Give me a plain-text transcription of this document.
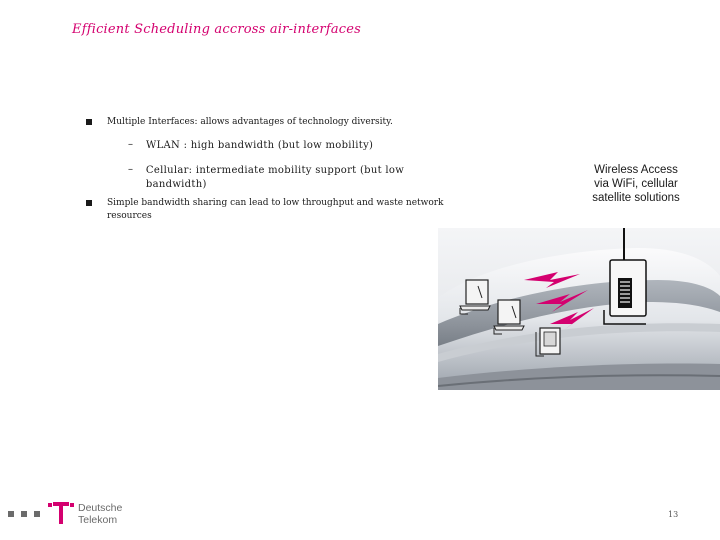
Efficient Scheduling accross air-interfaces
Multiple Interfaces: allows advantages of technology diversity.
–	WLAN : high bandwidth (but low mobility)
–	Cellular: intermediate mobility support (but low bandwidth)
Simple bandwidth sharing can lead to low throughput and waste network resources
Wireless Access
via WiFi, cellular
satellite solutions
Deutsche
Telekom	13
